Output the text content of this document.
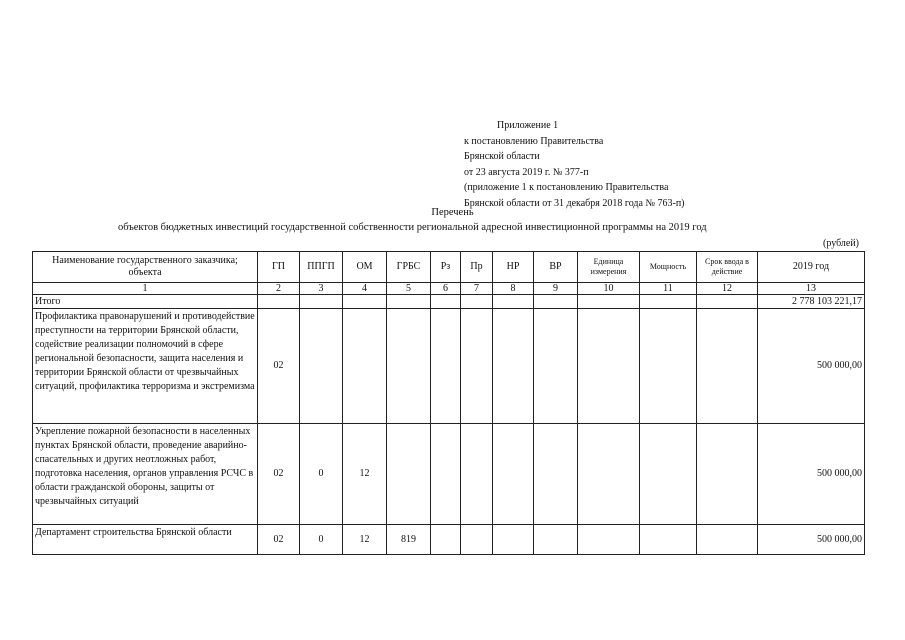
Приложение 1
к постановлению Правительства
Брянской области
от 23 августа 2019 г. № 377-п
(приложение 1 к постановлению Правительства
Брянской области от 31 декабря 2018 года № 763-п)
Перечень
объектов бюджетных инвестиций государственной собственности региональной адресной инвестиционной программы на 2019 год
(рублей)
Наименование государственного заказчика; объекта	ГП	ППГП	ОМ	ГРБС	Рз	Пр	НР	ВР	Единица измерения	Мощность	Срок ввода в действие	2019 год
1	2	3	4	5	6	7	8	9	10	11	12	13
Итого												2 778 103 221,17
Профилактика правонарушений и противодействие преступности на территории Брянской области, содействие реализации полномочий в сфере региональной безопасности, защита населения и территории Брянской области от чрезвычайных ситуаций, профилактика терроризма и экстремизма	02											500 000,00
Укрепление пожарной безопасности в населенных пунктах Брянской области, проведение аварийно-спасательных и других неотложных работ, подготовка населения, органов управления РСЧС в области гражданской обороны, защиты от чрезвычайных ситуаций	02	0	12									500 000,00
Департамент строительства Брянской области	02	0	12	819								500 000,00
